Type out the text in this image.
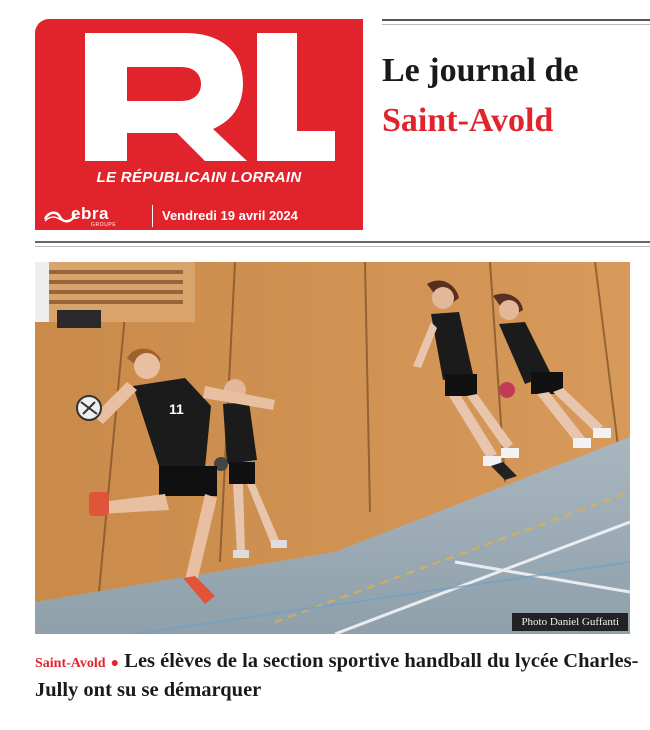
LE RÉPUBLICAIN LORRAIN
ebra
GROUPE
Vendredi 19 avril 2024
Le journal de
Saint-Avold
11
Photo Daniel Guffanti
Saint-Avold ● Les élèves de la section sportive handball du lycée Charles-Jully ont su se démarquer
